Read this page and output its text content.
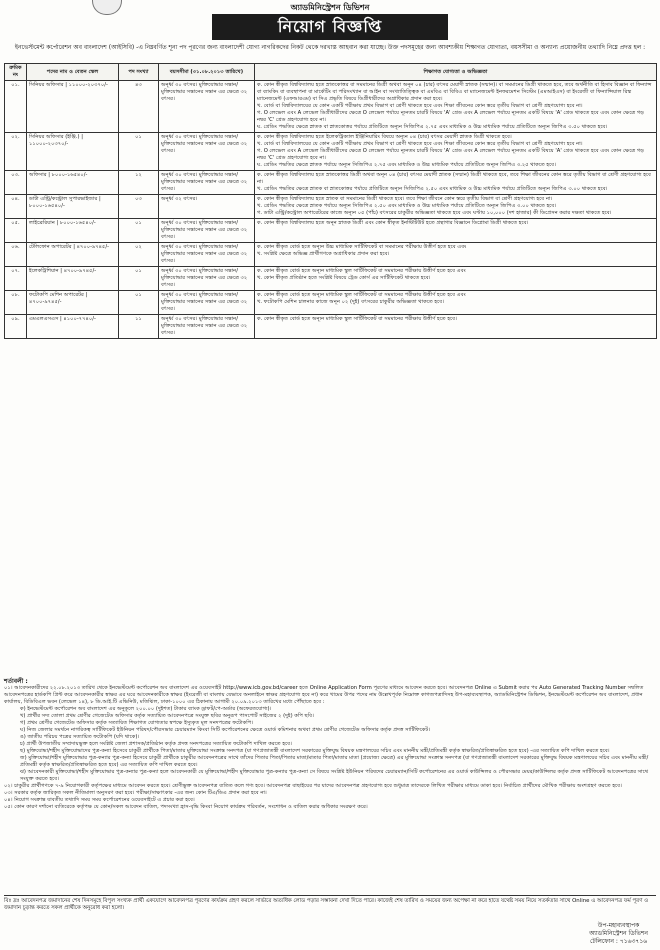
অ্যাডমিনিস্ট্রেশন ডিভিশন
নিয়োগ বিজ্ঞপ্তি
ইনভেস্টমেন্ট কর্পোরেশন অব বাংলাদেশ (আইসিবি) -এ নিম্নবর্ণিত শূন্য পদ পূরণের জন্য বাংলাদেশী যোগ্য নাগরিকদের নিকট থেকে দরখাস্ত আহবান করা যাচ্ছে। উক্ত পদসমূহের জন্য আবশ্যকীয় শিক্ষাগত যোগ্যতা, বয়সসীমা ও অন্যান্য প্রয়োজনীয় তথ্যাদি নিম্নে প্রদত্ত হল :
ক্রমিক নং	পদের নাম ও বেতন স্কেল	পদ সংখ্যা	বয়সসীমা (৩১.০৮.২০১৩ তারিখে)	শিক্ষাগত যোগ্যতা ও অভিজ্ঞতা
০১.	সিনিয়র অফিসার | ১১০০০-২০৩৭০/-	৪৩	অনূর্ধ্ব ৩০ বৎসর। মুক্তিযোদ্ধার সন্তান/মুক্তিযোদ্ধার সন্তানের সন্তান এর ক্ষেত্রে ৩২ বৎসর।	ক. কোন স্বীকৃত বিশ্ববিদ্যালয় হতে স্নাতকোত্তর বা সমমানের ডিগ্রী অথবা অনূন ০৪ (চার) বৎসর মেয়াদী স্নাতক (সম্মান)। বা সমমানের ডিগ্রী থাকতে হবে, তবে অর্থনীতি বা হিসাব বিজ্ঞান বা ফিন্যান্স বা ব্যাংকিং বা ব্যবস্থাপনা বা মার্কেটিং বা পরিসংখ্যান বা আইন বা সংখ্যাতিত্ত্বিক বা এমবিএ বা বিবিএ বা ম্যানেজমেন্ট ইনফরমেশন সিস্টেম (এমআইএস) বা ইংরেজী বা ফিন্যান্সিয়াল রিস্ক ম্যানেজমেন্ট (এফআরএম) বা সিএ প্রভৃতি বিষয়ে ডিগ্রীধারীদের অগ্রাধিকার প্রদান করা হবে।
খ. বোর্ড বা বিশ্ববিদ্যালয়ের যে কোন একটি পরীক্ষায় প্রথম বিভাগ বা শ্রেণী থাকতে হবে এবং শিক্ষা জীবনের কোন স্তরে তৃতীয় বিভাগ বা শ্রেণী গ্রহণযোগ্য হবে না।
গ. O লেভেল এবং A লেভেল ডিগ্রীধারীদের ক্ষেত্রে O লেভেল পর্যায়ে ন্যূনতম চারটি বিষয়ে 'A' গ্রেড এবং A লেভেল পর্যায়ে ন্যূনতম একটি বিষয়ে 'A' গ্রেড থাকতে হবে এবং কোন ক্ষেত্রে গড় নম্বর 'C' গ্রেড গ্রহণযোগ্য হবে না।
ঘ. গ্রেডিং পদ্ধতির ক্ষেত্রে স্নাতক বা স্নাতকোত্তর পর্যায়ে প্রতিটিতে অন্যূন সিজিপিএ ২.৭৫ এবং মাধ্যমিক ও উচ্চ মাধ্যমিক পর্যায়ে প্রতিটিতে অন্যূন জিপিএ ৩.৫০ থাকতে হবে।

০২.	সিনিয়র অফিসার (ইঞ্জি.) | ১১০০০-২০৩৭০/-	০১	অনূর্ধ্ব ৩০ বৎসর। মুক্তিযোদ্ধার সন্তান/মুক্তিযোদ্ধার সন্তানের সন্তান এর ক্ষেত্রে ৩২ বৎসর।	ক. কোন স্বীকৃত বিশ্ববিদ্যালয় হতে ইলেকট্রিক্যাল ইঞ্জিনিয়ারিং বিষয়ে অন্যূন ০৪ (চার) বৎসর মেয়াদী স্নাতক ডিগ্রী থাকতে হবে।
খ. বোর্ড বা বিশ্ববিদ্যালয়ের যে কোন একটি পরীক্ষায় প্রথম বিভাগ বা শ্রেণী থাকতে হবে এবং শিক্ষা জীবনের কোন স্তরে তৃতীয় বিভাগ বা শ্রেণী গ্রহণযোগ্য হবে না।
গ. O লেভেল এবং A লেভেল ডিগ্রীধারীদের ক্ষেত্রে O লেভেল পর্যায়ে ন্যূনতম চারটি বিষয়ে 'A' গ্রেড এবং A লেভেল পর্যায়ে ন্যূনতম একটি বিষয়ে 'A' গ্রেড থাকতে হবে এবং কোন ক্ষেত্রে গড় নম্বর 'C' গ্রেড গ্রহণযোগ্য হবে না।
ঘ. গ্রেডিং পদ্ধতির ক্ষেত্রে স্নাতক পর্যায়ে অন্যূন সিজিপিএ ২.৭৫ এবং মাধ্যমিক ও উচ্চ মাধ্যমিক পর্যায়ে প্রতিটিতে অন্যূন জিপিএ ৩.২৫ থাকতে হবে।

০৩.	অফিসার | ৮০০০-১৬৫৪০/-	১২	অনূর্ধ্ব ৩০ বৎসর। মুক্তিযোদ্ধার সন্তান/মুক্তিযোদ্ধার সন্তানের সন্তান এর ক্ষেত্রে ৩২ বৎসর।	ক. কোন স্বীকৃত বিশ্ববিদ্যালয় হতে স্নাতকোত্তর ডিগ্রী অথবা অনূন ০৪ (চার) বৎসর মেয়াদী স্নাতক (সম্মান) ডিগ্রী থাকতে হবে, তবে শিক্ষা জীবনের কোন স্তরে তৃতীয় বিভাগ বা শ্রেণী গ্রহণযোগ্য হবে না।
খ. গ্রেডিং পদ্ধতির ক্ষেত্রে স্নাতক বা স্নাতকোত্তর পর্যায়ে প্রতিটিতে অন্যূন সিজিপিএ ২.৫০ এবং মাধ্যমিক ও উচ্চ মাধ্যমিক পর্যায়ে প্রতিটিতে অন্যূন জিপিএ ৩.০০ থাকতে হবে।

০৪.	ডাটা এন্ট্রি/কন্ট্রোল সুপারভাইজার | ৮০০০-১৬৫৪০/-	০৩	অনূর্ধ্ব ৩২ বৎসর।	ক. কোন স্বীকৃত বিশ্ববিদ্যালয় হতে স্নাতক বা সমমানের ডিগ্রী থাকতে হবে। তবে শিক্ষা জীবনে কোন স্তরে তৃতীয় বিভাগ বা শ্রেণী গ্রহণযোগ্য হবে না।
খ. গ্রেডিং পদ্ধতির ক্ষেত্রে স্নাতক পর্যায়ে অন্যূন সিজিপিএ ২.৫০ এবং মাধ্যমিক ও উচ্চ মাধ্যমিক পর্যায়ে প্রতিটিতে অন্যূন জিপিএ ৩.০০ থাকতে হবে।
গ. ডাটা এন্ট্রি/কন্ট্রোল অপারেটরের কাজে অন্যূন ০৫ (পাঁচ) বৎসরের চাকুরীর অভিজ্ঞতা থাকতে হবে এবং ঘণ্টায় ১০,০০০ (দশ হাজার) কী ডিপ্রেসন করার দক্ষতা থাকতে হবে।

০৫.	লাইব্রেরিয়ান | ৮০০০-১৬৫৪০/-	০১	অনূর্ধ্ব ৩০ বৎসর। মুক্তিযোদ্ধার সন্তান/মুক্তিযোদ্ধার সন্তানের সন্তান এর ক্ষেত্রে ৩২ বৎসর।	ক. কোন স্বীকৃত বিশ্ববিদ্যালয় হতে অনূন স্নাতক ডিগ্রী এবং কোন স্বীকৃত ইনস্টিটিউট হতে গ্রন্থাগার বিজ্ঞানে ডিপ্লোমা ডিগ্রী থাকতে হবে।

০৬.	টেলিফোন অপারেটর | ৪৭০০-৯৭৪৫/-	০২	অনূর্ধ্ব ৩০ বৎসর। মুক্তিযোদ্ধার সন্তান/মুক্তিযোদ্ধার সন্তানের সন্তান এর ক্ষেত্রে ৩২ বৎসর।	ক. কোন স্বীকৃত বোর্ড হতে অন্যূন উচ্চ মাধ্যমিক সার্টিফিকেট বা সমমানের পরীক্ষায় উত্তীর্ণ হতে হবে এবং
খ. সংশ্লিষ্ট ক্ষেত্রে অভিজ্ঞ প্রার্থীগণকে অগ্রাধিকার প্রদান করা হবে।

০৭.	ইলেকট্রিশিয়ান | ৪৭০০-৯৭৪৫/-	০১	অনূর্ধ্ব ৩০ বৎসর। মুক্তিযোদ্ধার সন্তান/মুক্তিযোদ্ধার সন্তানের সন্তান এর ক্ষেত্রে ৩২ বৎসর।	ক. কোন স্বীকৃত বোর্ড হতে অন্যূন মাধ্যমিক স্কুল সার্টিফিকেট বা সমমানের পরীক্ষায় উত্তীর্ণ হতে হবে এবং
খ. কোন স্বীকৃত প্রতিষ্ঠান হতে সংশ্লিষ্ট বিষয়ে ট্রেড কোর্স এর সার্টিফিকেট থাকতে হবে।

০৮.	ফটোকপি মেশিন অপারেটর | ৪৭০০-৯৭৪৫/-	০১	অনূর্ধ্ব ৩০ বৎসর। মুক্তিযোদ্ধার সন্তান/মুক্তিযোদ্ধার সন্তানের সন্তান এর ক্ষেত্রে ৩২ বৎসর।	ক. কোন স্বীকৃত বোর্ড হতে অন্যূন মাধ্যমিক স্কুল সার্টিফিকেট বা সমমানের পরীক্ষায় উত্তীর্ণ হতে হবে এবং
খ. ফটোকপি মেশিন চালনার কাজে অনূন ০২ (দুই) বৎসরের চাকুরীর অভিজ্ঞতা থাকতে হবে।

০৯.	এমএলএসএস | ৪১০০-৭৭৪০/-	১১	অনূর্ধ্ব ৩০ বৎসর। মুক্তিযোদ্ধার সন্তান/মুক্তিযোদ্ধার সন্তানের সন্তান এর ক্ষেত্রে ৩২ বৎসর।	ক. কোন স্বীকৃত বোর্ড হতে অন্যূন মাধ্যমিক স্কুল সার্টিফিকেট বা সমমানের পরীক্ষায় উত্তীর্ণ হতে হবে।
শর্তাবলী :
০১। আবেদনকারীদের ২২.০৮.২০১৩ তারিখ থেকে ইনভেস্টমেন্ট কর্পোরেশন অব বাংলাদেশ এর ওয়েবসাইট http://www.icb.gov.bd/career হতে Online Application Form পূরণের মাধ্যমে আবেদন করতে হবে। আবেদনপত্র Online এ Submit করার পর Auto Generated Tracking Number সম্বলিত আবেদনপত্রের হার্ডকপি প্রিন্ট করে আবেদনকারীর স্বাক্ষর এর ঘরে আবেদনকারীকে স্বাক্ষর (ইংরেজী বা বাংলায় যেভাবে অনলাইনে স্বাক্ষর গ্রহণযোগ্য হবে না) করে খামের উপর পদের নাম উল্লেখপূর্বক নিম্নোক্ত কাগজপত্রাদিসহ উপ-মহাব্যবস্থাপক, অ্যাডমিনিস্ট্রেশন ডিভিশন, ইনভেস্টমেন্ট কর্পোরেশন অব বাংলাদেশ, প্রধান কার্যালয়, বিডিবিএল ভবন (লেভেল ১৪), ৮ ডি.আই.টি এভিনিউ, মতিঝিল, ঢাকা-১০০০ এর ঠিকানায় আগামী ২০.০৯.২০১৩ তারিখের মধ্যে পৌঁছাতে হবে :
ক) ইনভেস্টমেন্ট কর্পোরেশন অব বাংলাদেশ এর অনুকূলে ২০০.০০ (দুইশত) টাকার ব্যাংক ড্রাফট/পে-অর্ডার (অফেরতযোগ্য)।
খ) প্রার্থীর সদ্য তোলা প্রথম শ্রেণীর গেজেটেড অফিসার কর্তৃক সত্যায়িত আবেদনপত্রে সংযুক্ত ছবির অনুরূপ পাসপোর্ট সাইজের ২ (দুই) কপি ছবি।
গ) প্রথম শ্রেণীর গেজেটেড অফিসার কর্তৃক সত্যায়িত শিক্ষাগত যোগ্যতার স্বপক্ষে ইস্যুকৃত মূল সনদপত্রের ফটোকপি।
ঘ) নিজ জেলার সমর্থনে নাগরিকত্ব সার্টিফিকেট ইউনিয়ন পরিষদ/পৌরসভার চেয়ারম্যান কিংবা সিটি কর্পোরেশনের ক্ষেত্রে ওয়ার্ড কমিশনার অথবা প্রথম শ্রেণীর গেজেটেড অফিসার কর্তৃক প্রদত্ত সার্টিফিকেট।
ঙ) জাতীয় পরিচয় পত্রের সত্যায়িত ফটোকপি (যদি থাকে)।
চ) প্রার্থী উপজাতীয় সম্প্রদায়ভুক্ত হলে সংশ্লিষ্ট জেলা প্রশাসক/প্রতিষ্ঠান কর্তৃক প্রদত্ত সনদপত্রের সত্যায়িত ফটোকপি দাখিল করতে হবে।
ছ) মুক্তিযোদ্ধা/শহীদ মুক্তিযোদ্ধাদের পুত্র-কন্যা হিসেবে চাকুরী প্রার্থীকে পিতা/মাতার মুক্তিযোদ্ধা সংক্রান্ত সনদপত্র (যা গণপ্রজাতন্ত্রী বাংলাদেশ সরকারের মুক্তিযুদ্ধ বিষয়ক মন্ত্রণালয়ের সচিব এবং মাননীয় মন্ত্রী/প্রতিমন্ত্রী কর্তৃক স্বাক্ষরিত/প্রতিস্বাক্ষরিত হতে হবে) -এর সত্যায়িত কপি দাখিল করতে হবে।
জ) মুক্তিযোদ্ধা/শহীদ মুক্তিযোদ্ধার পুত্র-কন্যার পুত্র-কন্যা হিসেবে চাকুরী প্রার্থীকে চাকুরীর আবেদনপত্রের সাথে তাঁদের পিতার পিতা/পিতার মাতা/মাতার পিতা/মাতার মাতা (প্রযোজ্য ক্ষেত্রে) এর মুক্তিযোদ্ধা সংক্রান্ত সনদপত্র (যা গণপ্রজাতন্ত্রী বাংলাদেশ সরকারের মুক্তিযুদ্ধ বিষয়ক মন্ত্রণালয়ের সচিব এবং মাননীয় মন্ত্রী/প্রতিমন্ত্রী কর্তৃক স্বাক্ষরিত/প্রতিস্বাক্ষরিত হতে হবে) এর সত্যায়িত কপি দাখিল করতে হবে।
ঝ) আবেদনকারী মুক্তিযোদ্ধা/শহীদ মুক্তিযোদ্ধার পুত্র-কন্যার পুত্র-কন্যা হলে আবেদনকারী যে মুক্তিযোদ্ধা/শহীদ মুক্তিযোদ্ধার পুত্র-কন্যার পুত্র-কন্যা সে বিষয়ে সংশ্লিষ্ট ইউনিয়ন পরিষদের চেয়ারম্যান/সিটি কর্পোরেশনের এর ওয়ার্ড কাউন্সিলর ও পৌরসভার মেয়র/কাউন্সিলর কর্তৃক প্রদত্ত সার্টিফিকেট আবেদনপত্রের সাথে সংযুক্ত করতে হবে।
০২। চাকুরীর প্রার্থীগণকে ৭-৯ নিয়োগকারী কর্তৃপক্ষের মাধ্যমে আবেদন করতে হবে। শ্রেণীভুক্ত আবেদনপত্র ব্যতিত কলে গণ্য হবে। আবেদনপত্র বাছাইয়ের পর যাদের আবেদনপত্র গ্রহণযোগ্য হবে শুধুমাত্র তাদেরকে লিখিত পরীক্ষার মাধ্যমে ডাকা হবে। নির্বাচিত প্রার্থীদের মৌখিক পরীক্ষায় অংশগ্রহণ করতে হবে।
০৩। সরকার কর্তৃক জারিকৃত সকল নীতিমালা অনুসরণ করা হবে। পরীক্ষা/সাক্ষাৎকার -এর জন্য কোন টিএ/ডিএ প্রদান করা হবে না।
০৪। নিয়োগ সংক্রান্ত যাবতীয় তথ্যাদি সময় সময় কর্পোরেশনের ওয়েবসাইটে এ প্রচার করা হবে।
০৫। কোন কারণ দর্শানো ব্যতিরেকে কর্তৃপক্ষ যে কোন/সকল আবেদন বাতিল, পদসংখ্যা হ্রাস-বৃদ্ধি কিংবা নিয়োগ কার্যক্রম পরিবর্তন, সংশোধন ও বাতিল করার অধিকার সংরক্ষণ করে।
বিঃ দ্রঃ আবেদনপত্র জমাদানের শেষ দিনসমূহে বিপুল সংখ্যক প্রার্থী একযোগে আবেদনপত্র পূরণের কার্যক্রম গ্রহণ করলে সার্ভারে অত্যধিক লোড পড়ার সম্ভাবনা দেখা দিতে পারে। কাজেই শেষ তারিখ ও সময়ের জন্য অপেক্ষা না করে হাতে যথেষ্ট সময় নিয়ে সতর্কতার সাথে Online এ আবেদনপত্র ফর্ম পূরণ ও জমাদান চূড়ান্ত করতে সকল প্রার্থীকে অনুরোধ করা হলো।
উপ-মহাব্যবস্থাপক
অ্যাডমিনিস্ট্রেশন ডিভিশন
টেলিফোন : ৭১৬৩৭১৬
